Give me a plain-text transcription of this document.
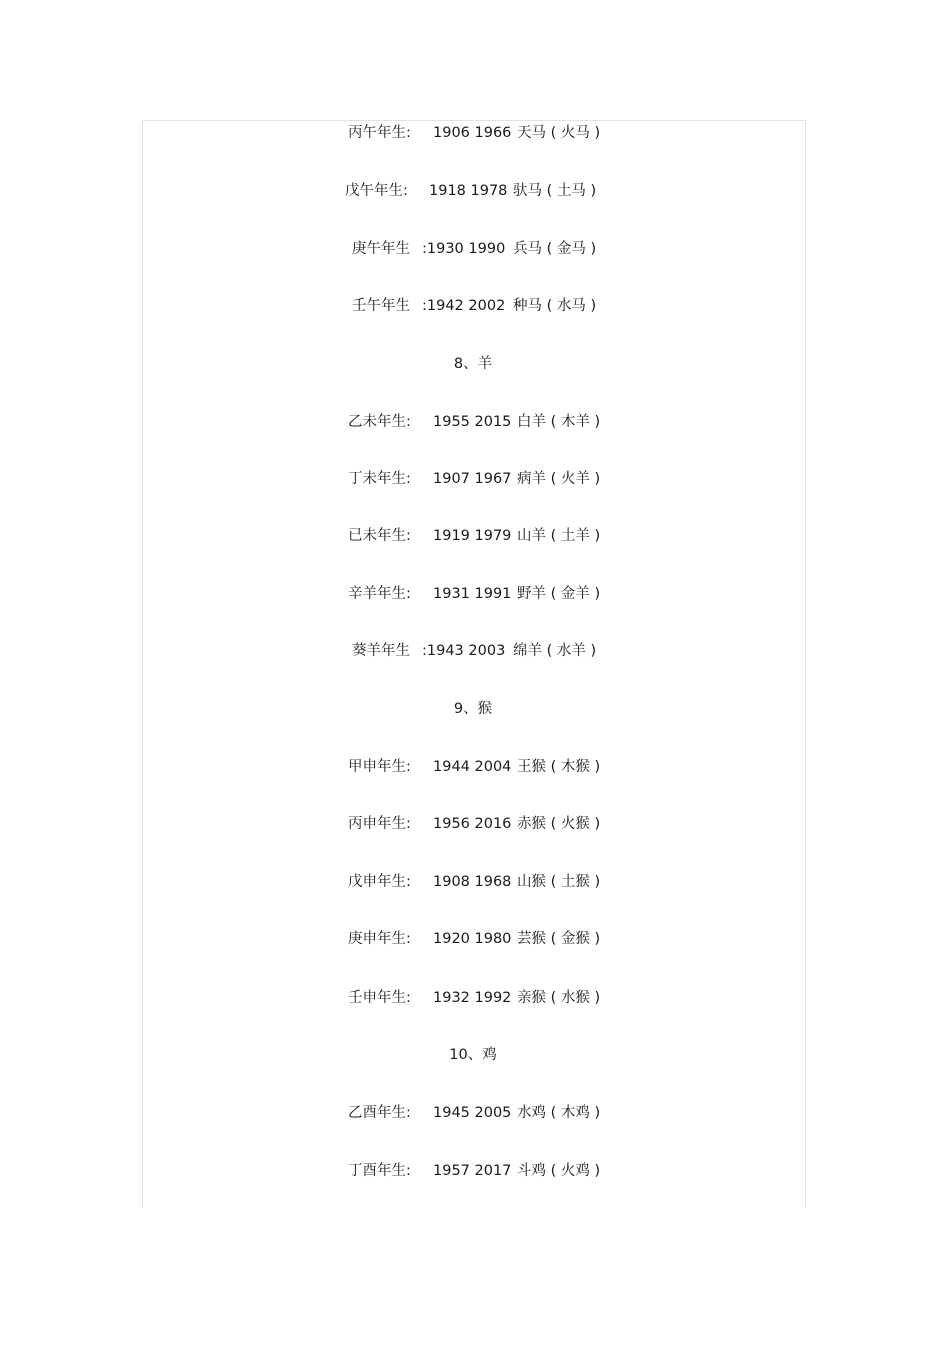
丙午年生: 1906 1966 天马 ( 火马 )
戊午年生: 1918 1978 驮马 ( 土马 )
庚午年生 :1930 1990 兵马 ( 金马 )
壬午年生 :1942 2002 种马 ( 水马 )
8、羊
乙未年生: 1955 2015 白羊 ( 木羊 )
丁未年生: 1907 1967 病羊 ( 火羊 )
已未年生: 1919 1979 山羊 ( 土羊 )
辛羊年生: 1931 1991 野羊 ( 金羊 )
葵羊年生 :1943 2003 绵羊 ( 水羊 )
9、猴
甲申年生: 1944 2004 王猴 ( 木猴 )
丙申年生: 1956 2016 赤猴 ( 火猴 )
戊申年生: 1908 1968 山猴 ( 土猴 )
庚申年生: 1920 1980 芸猴 ( 金猴 )
壬申年生: 1932 1992 亲猴 ( 水猴 )
10、鸡
乙酉年生: 1945 2005 水鸡 ( 木鸡 )
丁酉年生: 1957 2017 斗鸡 ( 火鸡 )
